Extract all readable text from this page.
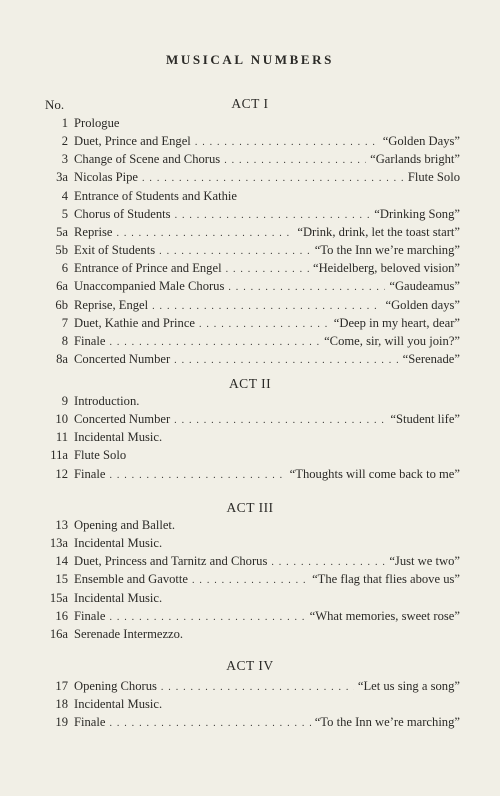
MUSICAL NUMBERS
No.	ACT I
1 Prologue
2 Duet, Prince and Engel . . .	“Golden Days”
3 Change of Scene and Chorus . . .	“Garlands bright”
3a Nicolas Pipe . . .	Flute Solo
4 Entrance of Students and Kathie
5 Chorus of Students . . .	“Drinking Song”
5a Reprise . . .	“Drink, drink, let the toast start”
5b Exit of Students . . .	“To the Inn we’re marching”
6 Entrance of Prince and Engel . . .	“Heidelberg, beloved vision”
6a Unaccompanied Male Chorus . . .	“Gaudeamus”
6b Reprise, Engel . . .	“Golden days”
7 Duet, Kathie and Prince . . .	“Deep in my heart, dear”
8 Finale . . .	“Come, sir, will you join?”
8a Concerted Number . . .	“Serenade”
ACT II
9 Introduction.
10 Concerted Number . . .	“Student life”
11 Incidental Music.
11a Flute Solo
12 Finale . . .	“Thoughts will come back to me”
ACT III
13 Opening and Ballet.
13a Incidental Music.
14 Duet, Princess and Tarnitz and Chorus . . .	“Just we two”
15 Ensemble and Gavotte . . .	“The flag that flies above us”
15a Incidental Music.
16 Finale . . .	“What memories, sweet rose”
16a Serenade Intermezzo.
ACT IV
17 Opening Chorus . . .	“Let us sing a song”
18 Incidental Music.
19 Finale . . .	“To the Inn we’re marching”
